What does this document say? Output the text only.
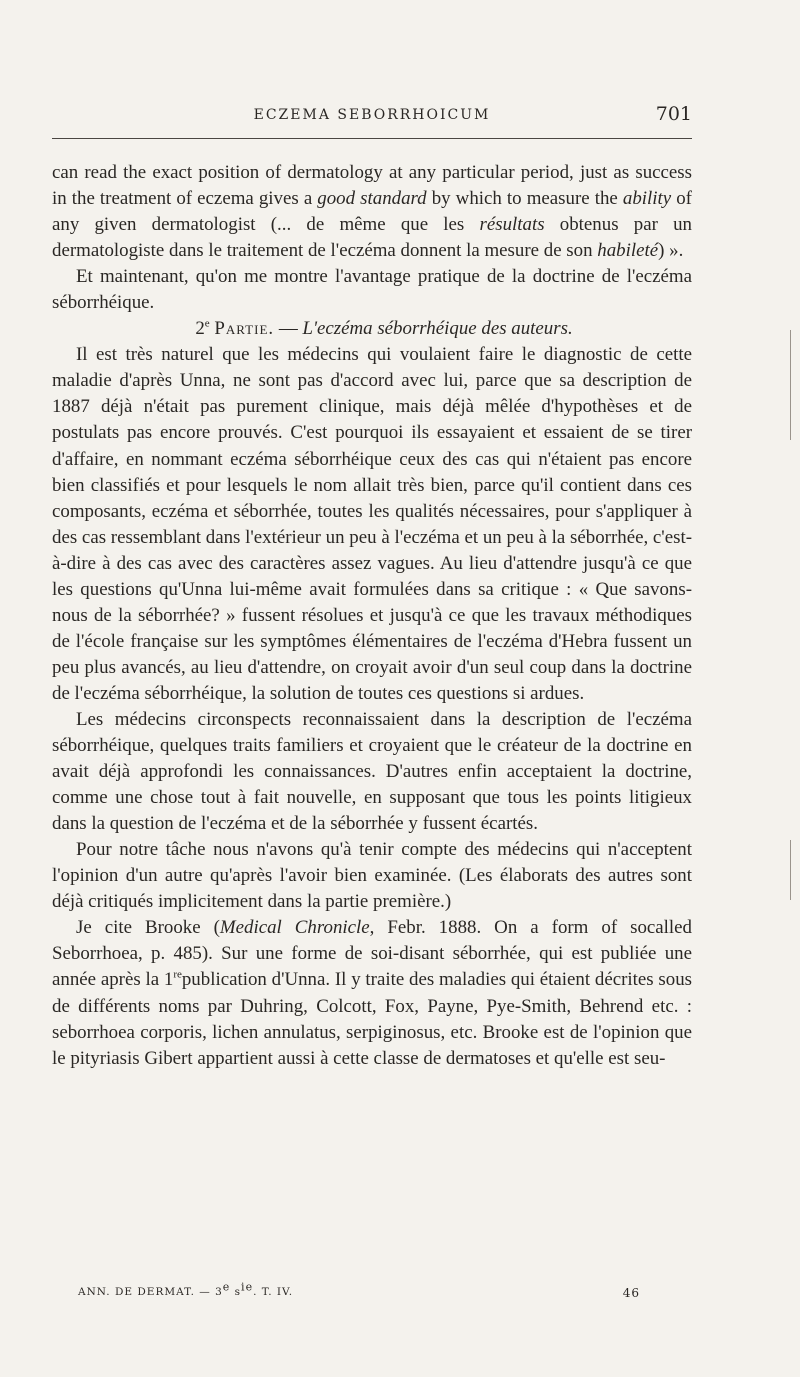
ECZEMA SEBORRHOICUM	701

can read the exact position of dermatology at any particular period, just as success in the treatment of eczema gives a good standard by which to measure the ability of any given dermatologist (... de même que les résultats obtenus par un dermatologiste dans le traitement de l'eczéma donnent la mesure de son habileté) ».

Et maintenant, qu'on me montre l'avantage pratique de la doctrine de l'eczéma séborrhéique.

2e Partie. — L'eczéma séborrhéique des auteurs.

Il est très naturel que les médecins qui voulaient faire le diagnostic de cette maladie d'après Unna, ne sont pas d'accord avec lui, parce que sa description de 1887 déjà n'était pas purement clinique, mais déjà mêlée d'hypothèses et de postulats pas encore prouvés. C'est pourquoi ils essayaient et essaient de se tirer d'affaire, en nommant eczéma séborrhéique ceux des cas qui n'étaient pas encore bien classifiés et pour lesquels le nom allait très bien, parce qu'il contient dans ces composants, eczéma et séborrhée, toutes les qualités nécessaires, pour s'appliquer à des cas ressemblant dans l'extérieur un peu à l'eczéma et un peu à la séborrhée, c'est-à-dire à des cas avec des caractères assez vagues. Au lieu d'attendre jusqu'à ce que les questions qu'Unna lui-même avait formulées dans sa critique : « Que savons-nous de la séborrhée? » fussent résolues et jusqu'à ce que les travaux méthodiques de l'école française sur les symptômes élémentaires de l'eczéma d'Hebra fussent un peu plus avancés, au lieu d'attendre, on croyait avoir d'un seul coup dans la doctrine de l'eczéma séborrhéique, la solution de toutes ces questions si ardues.

Les médecins circonspects reconnaissaient dans la description de l'eczéma séborrhéique, quelques traits familiers et croyaient que le créateur de la doctrine en avait déjà approfondi les connaissances. D'autres enfin acceptaient la doctrine, comme une chose tout à fait nouvelle, en supposant que tous les points litigieux dans la question de l'eczéma et de la séborrhée y fussent écartés.

Pour notre tâche nous n'avons qu'à tenir compte des médecins qui n'acceptent l'opinion d'un autre qu'après l'avoir bien examinée. (Les élaborats des autres sont déjà critiqués implicitement dans la partie première.)

Je cite Brooke (Medical Chronicle, Febr. 1888. On a form of socalled Seborrhoea, p. 485). Sur une forme de soi-disant séborrhée, qui est publiée une année après la 1republication d'Unna. Il y traite des maladies qui étaient décrites sous de différents noms par Duhring, Colcott, Fox, Payne, Pye-Smith, Behrend etc. : seborrhoea corporis, lichen annulatus, serpiginosus, etc. Brooke est de l'opinion que le pityriasis Gibert appartient aussi à cette classe de dermatoses et qu'elle est seu-

ANN. DE DERMAT. — 3e $s^{ie}$. T. IV.	46
